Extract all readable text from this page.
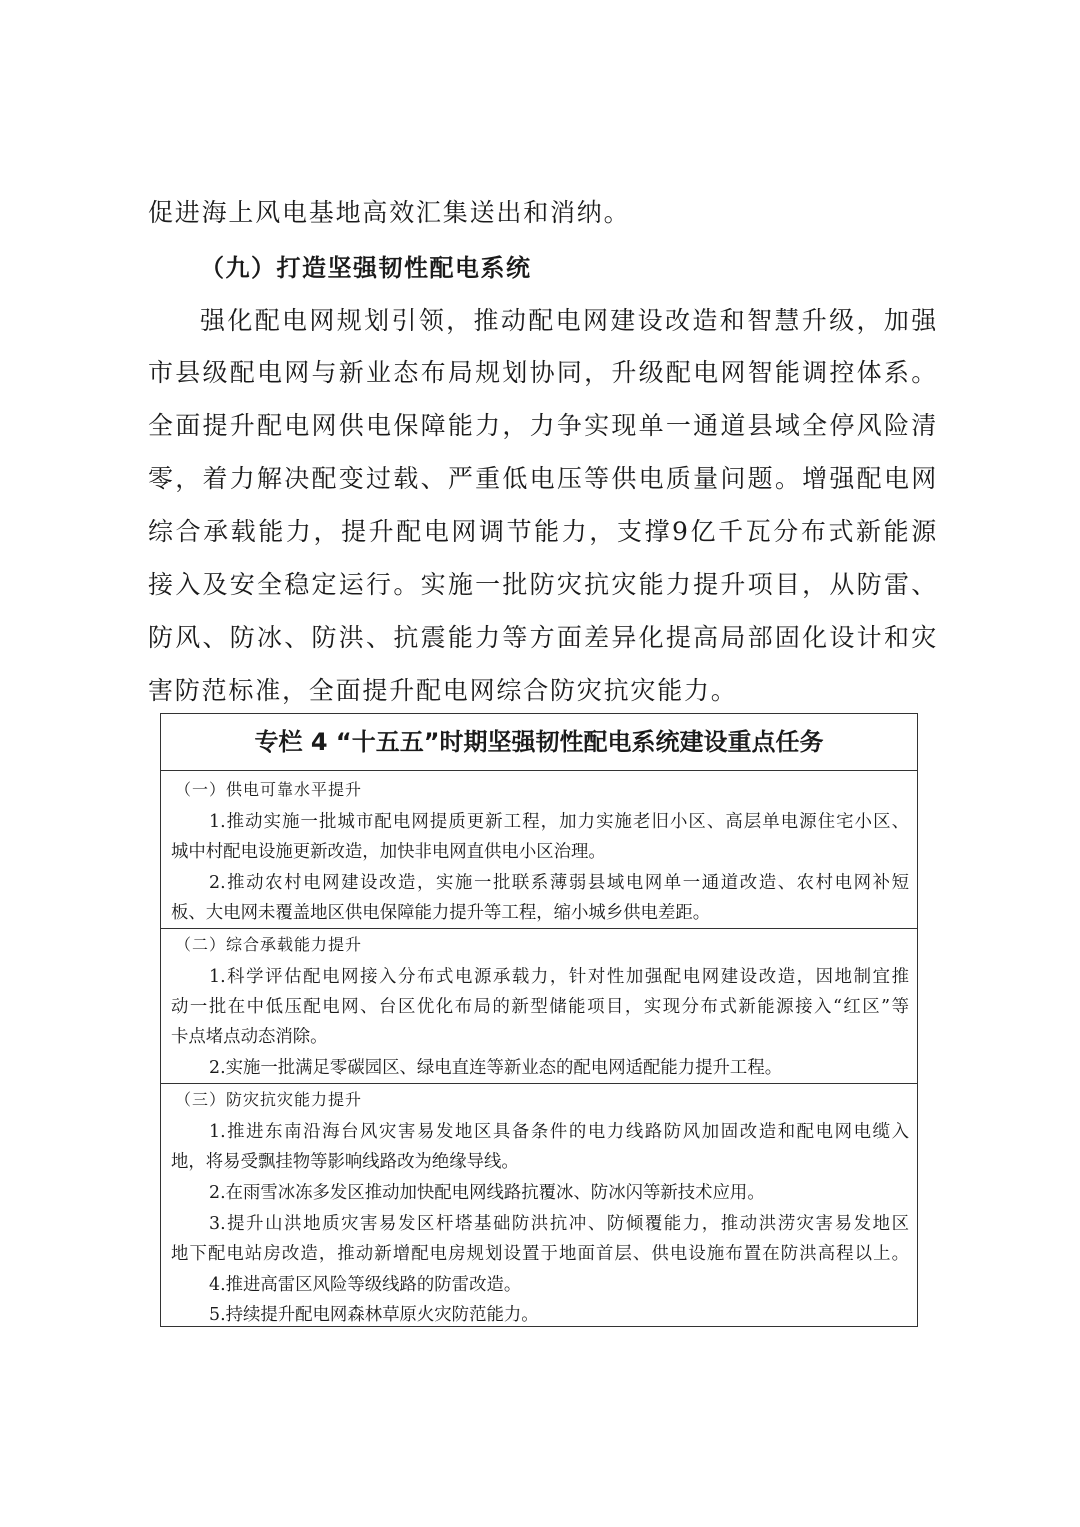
促进海上风电基地高效汇集送出和消纳。
（九）打造坚强韧性配电系统
强化配电网规划引领，推动配电网建设改造和智慧升级，加强
市县级配电网与新业态布局规划协同，升级配电网智能调控体系。
全面提升配电网供电保障能力，力争实现单一通道县域全停风险清
零，着力解决配变过载、严重低电压等供电质量问题。增强配电网
综合承载能力，提升配电网调节能力，支撑9亿千瓦分布式新能源
接入及安全稳定运行。实施一批防灾抗灾能力提升项目，从防雷、
防风、防冰、防洪、抗震能力等方面差异化提高局部固化设计和灾
害防范标准，全面提升配电网综合防灾抗灾能力。
专栏 4 “十五五”时期坚强韧性配电系统建设重点任务
（一）供电可靠水平提升
1.推动实施一批城市配电网提质更新工程，加力实施老旧小区、高层单电源住宅小区、
城中村配电设施更新改造，加快非电网直供电小区治理。
2.推动农村电网建设改造，实施一批联系薄弱县域电网单一通道改造、农村电网补短
板、大电网未覆盖地区供电保障能力提升等工程，缩小城乡供电差距。
（二）综合承载能力提升
1.科学评估配电网接入分布式电源承载力，针对性加强配电网建设改造，因地制宜推
动一批在中低压配电网、台区优化布局的新型储能项目，实现分布式新能源接入“红区”等
卡点堵点动态消除。
2.实施一批满足零碳园区、绿电直连等新业态的配电网适配能力提升工程。
（三）防灾抗灾能力提升
1.推进东南沿海台风灾害易发地区具备条件的电力线路防风加固改造和配电网电缆入
地，将易受飘挂物等影响线路改为绝缘导线。
2.在雨雪冰冻多发区推动加快配电网线路抗覆冰、防冰闪等新技术应用。
3.提升山洪地质灾害易发区杆塔基础防洪抗冲、防倾覆能力，推动洪涝灾害易发地区
地下配电站房改造，推动新增配电房规划设置于地面首层、供电设施布置在防洪高程以上。
4.推进高雷区风险等级线路的防雷改造。
5.持续提升配电网森林草原火灾防范能力。
